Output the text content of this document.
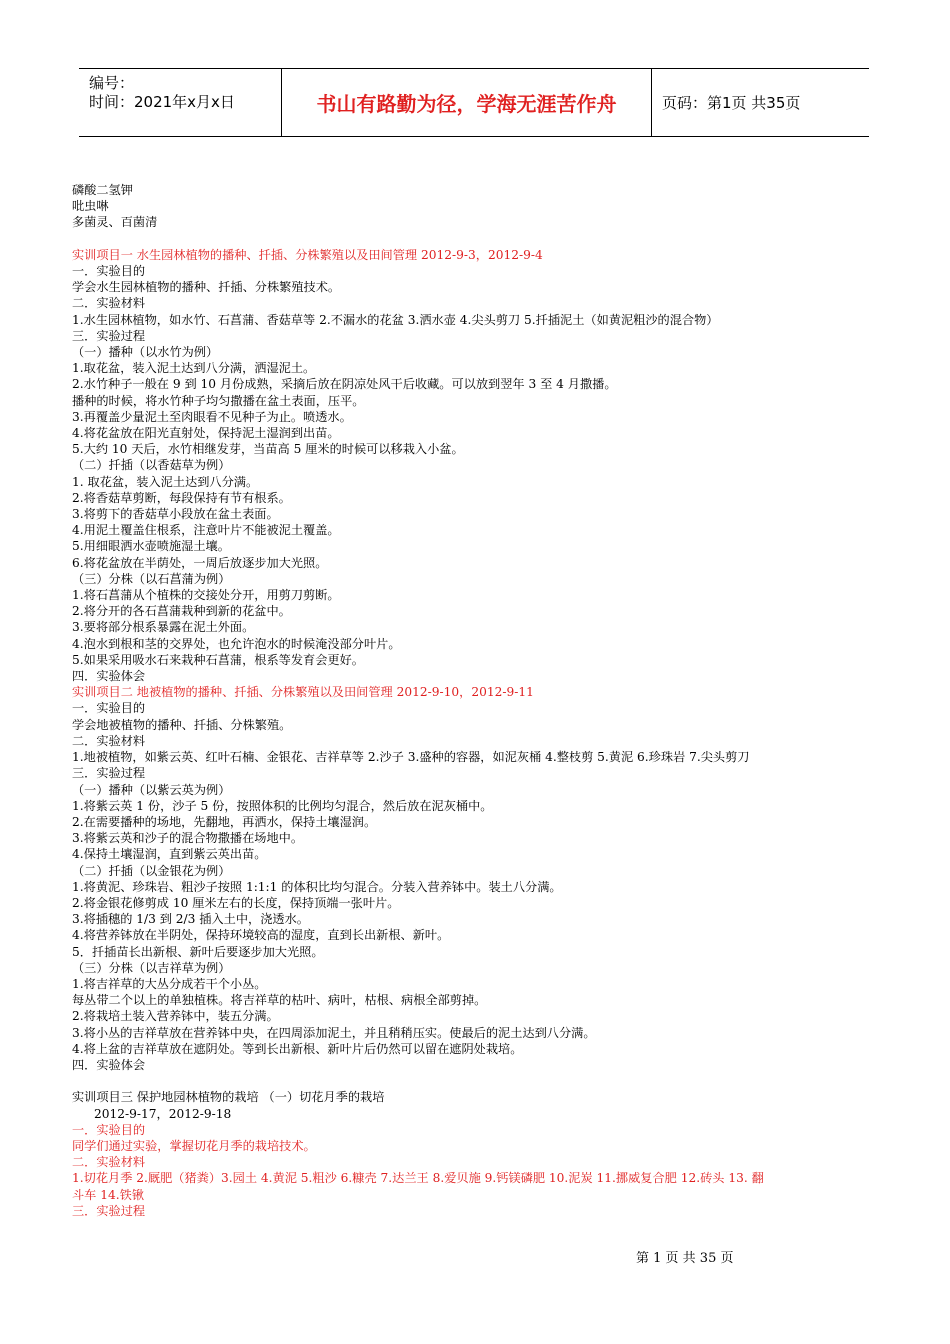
编号：
时间：2021年x月x日	书山有路勤为径，学海无涯苦作舟	页码：第1页 共35页
磷酸二氢钾
吡虫啉
多菌灵、百菌清
实训项目一 水生园林植物的播种、扦插、分株繁殖以及田间管理 2012-9-3，2012-9-4
一．实验目的
学会水生园林植物的播种、扦插、分株繁殖技术。
二．实验材料
1.水生园林植物，如水竹、石菖蒲、香菇草等 2.不漏水的花盆 3.洒水壶 4.尖头剪刀 5.扦插泥土（如黄泥粗沙的混合物）
三．实验过程
（一）播种（以水竹为例）
1.取花盆，装入泥土达到八分满，洒湿泥土。
2.水竹种子一般在 9 到 10 月份成熟，采摘后放在阴凉处风干后收藏。可以放到翌年 3 至 4 月撒播。
播种的时候，将水竹种子均匀撒播在盆土表面，压平。
3.再覆盖少量泥土至肉眼看不见种子为止。喷透水。
4.将花盆放在阳光直射处，保持泥土湿润到出苗。
5.大约 10 天后，水竹相继发芽，当苗高 5 厘米的时候可以移栽入小盆。
（二）扦插（以香菇草为例）
1. 取花盆，装入泥土达到八分满。
2.将香菇草剪断，每段保持有节有根系。
3.将剪下的香菇草小段放在盆土表面。
4.用泥土覆盖住根系，注意叶片不能被泥土覆盖。
5.用细眼洒水壶喷施湿土壤。
6.将花盆放在半荫处，一周后放逐步加大光照。
（三）分株（以石菖蒲为例）
1.将石菖蒲从个植株的交接处分开，用剪刀剪断。
2.将分开的各石菖蒲栽种到新的花盆中。
3.要将部分根系暴露在泥土外面。
4.泡水到根和茎的交界处，也允许泡水的时候淹没部分叶片。
5.如果采用吸水石来栽种石菖蒲，根系等发育会更好。
四．实验体会
实训项目二 地被植物的播种、扦插、分株繁殖以及田间管理 2012-9-10，2012-9-11
一．实验目的
学会地被植物的播种、扦插、分株繁殖。
二．实验材料
1.地被植物，如紫云英、红叶石楠、金银花、吉祥草等 2.沙子 3.盛种的容器，如泥灰桶 4.整枝剪 5.黄泥 6.珍珠岩 7.尖头剪刀
三．实验过程
（一）播种（以紫云英为例）
1.将紫云英 1 份，沙子 5 份，按照体积的比例均匀混合，然后放在泥灰桶中。
2.在需要播种的场地，先翻地，再洒水，保持土壤湿润。
3.将紫云英和沙子的混合物撒播在场地中。
4.保持土壤湿润，直到紫云英出苗。
（二）扦插（以金银花为例）
1.将黄泥、珍珠岩、粗沙子按照 1:1:1 的体积比均匀混合。分装入营养钵中。装土八分满。
2.将金银花修剪成 10 厘米左右的长度，保持顶端一张叶片。
3.将插穗的 1/3 到 2/3 插入土中，浇透水。
4.将营养钵放在半阴处，保持环境较高的湿度，直到长出新根、新叶。
5．扦插苗长出新根、新叶后要逐步加大光照。
（三）分株（以吉祥草为例）
1.将吉祥草的大丛分成若干个小丛。
每丛带二个以上的单独植株。将吉祥草的枯叶、病叶，枯根、病根全部剪掉。
2.将栽培土装入营养钵中，装五分满。
3.将小丛的吉祥草放在营养钵中央，在四周添加泥土，并且稍稍压实。使最后的泥土达到八分满。
4.将上盆的吉祥草放在遮阴处。等到长出新根、新叶片后仍然可以留在遮阴处栽培。
四．实验体会
实训项目三 保护地园林植物的栽培 （一）切花月季的栽培
2012-9-17，2012-9-18
一．实验目的
同学们通过实验，掌握切花月季的栽培技术。
二．实验材料
1.切花月季 2.厩肥（猪粪）3.园土 4.黄泥 5.粗沙 6.糠壳 7.达兰王 8.爱贝施 9.钙镁磷肥 10.泥炭 11.挪威复合肥 12.砖头 13. 翻
斗车 14.铁锹
三．实验过程
第 1 页 共 35 页
